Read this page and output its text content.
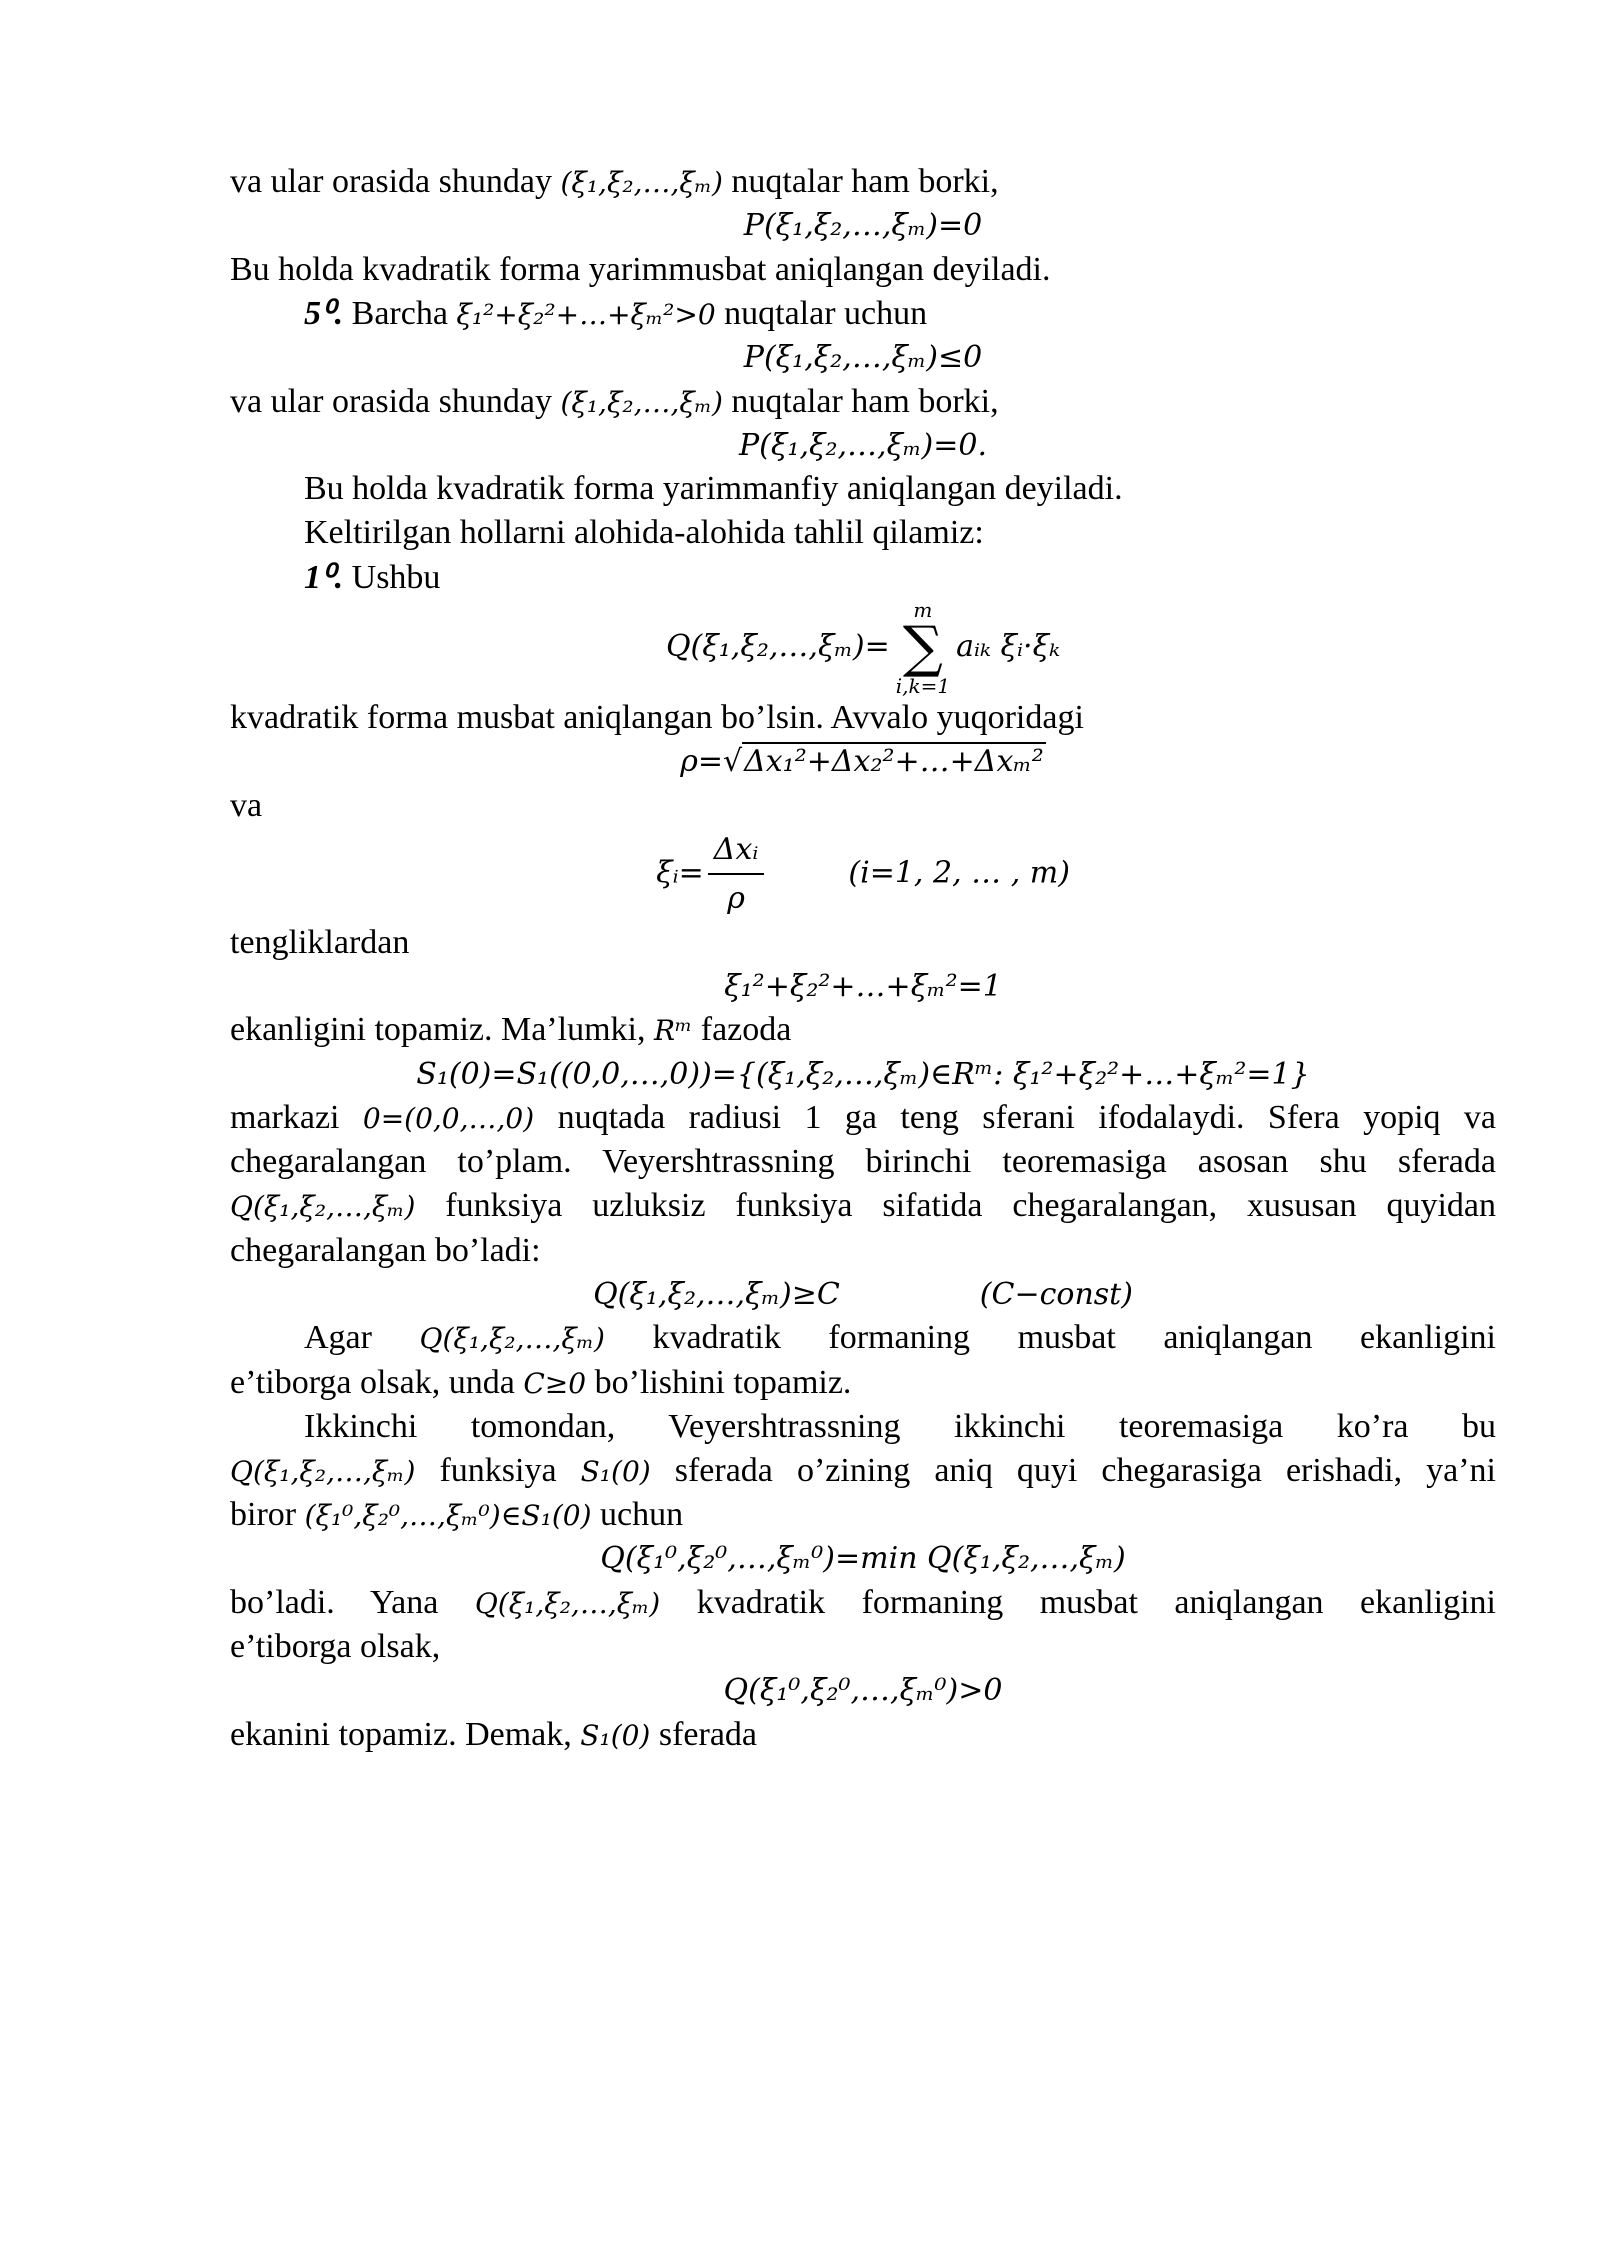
va ular orasida shunday (ξ₁,ξ₂,…,ξₘ) nuqtalar ham borki,

P(ξ₁,ξ₂,…,ξₘ)=0

Bu holda kvadratik forma yarimmusbat aniqlangan deyiladi.

5⁰. Barcha ξ₁²+ξ₂²+…+ξₘ²>0 nuqtalar uchun

P(ξ₁,ξ₂,…,ξₘ)≤0

va ular orasida shunday (ξ₁,ξ₂,…,ξₘ) nuqtalar ham borki,

P(ξ₁,ξ₂,…,ξₘ)=0.

Bu holda kvadratik forma yarimmanfiy aniqlangan deyiladi.

Keltirilgan hollarni alohida-alohida tahlil qilamiz:

1⁰. Ushbu

Q(ξ₁,ξ₂,…,ξₘ)=
m
∑
i,k=1
aᵢₖ ξᵢ·ξₖ

kvadratik forma musbat aniqlangan bo’lsin. Avvalo yuqoridagi

ρ=√Δx₁²+Δx₂²+…+Δxₘ²

va

ξᵢ= $\frac{\text{Δxᵢ}}{\rho}$	(i=1, 2, … , m)

tengliklardan

ξ₁²+ξ₂²+…+ξₘ²=1

ekanligini topamiz. Ma’lumki, Rᵐ fazoda

S₁(0)=S₁((0,0,…,0))={(ξ₁,ξ₂,…,ξₘ)∈Rᵐ: ξ₁²+ξ₂²+…+ξₘ²=1}

markazi 0=(0,0,…,0) nuqtada radiusi 1 ga teng sferani ifodalaydi. Sfera yopiq va

chegaralangan to’plam. Veyershtrassning birinchi teoremasiga asosan shu sferada

Q(ξ₁,ξ₂,…,ξₘ) funksiya uzluksiz funksiya sifatida chegaralangan, xususan quyidan

chegaralangan bo’ladi:

Q(ξ₁,ξ₂,…,ξₘ)≥C	(C−const)

Agar Q(ξ₁,ξ₂,…,ξₘ) kvadratik formaning musbat aniqlangan ekanligini

e’tiborga olsak, unda C≥0 bo’lishini topamiz.

Ikkinchi tomondan, Veyershtrassning ikkinchi teoremasiga ko’ra bu

Q(ξ₁,ξ₂,…,ξₘ) funksiya S₁(0) sferada o’zining aniq quyi chegarasiga erishadi, ya’ni

biror (ξ₁⁰,ξ₂⁰,…,ξₘ⁰)∈S₁(0) uchun

Q(ξ₁⁰,ξ₂⁰,…,ξₘ⁰)=min Q(ξ₁,ξ₂,…,ξₘ)

bo’ladi. Yana Q(ξ₁,ξ₂,…,ξₘ) kvadratik formaning musbat aniqlangan ekanligini

e’tiborga olsak,

Q(ξ₁⁰,ξ₂⁰,…,ξₘ⁰)>0

ekanini topamiz. Demak, S₁(0) sferada
